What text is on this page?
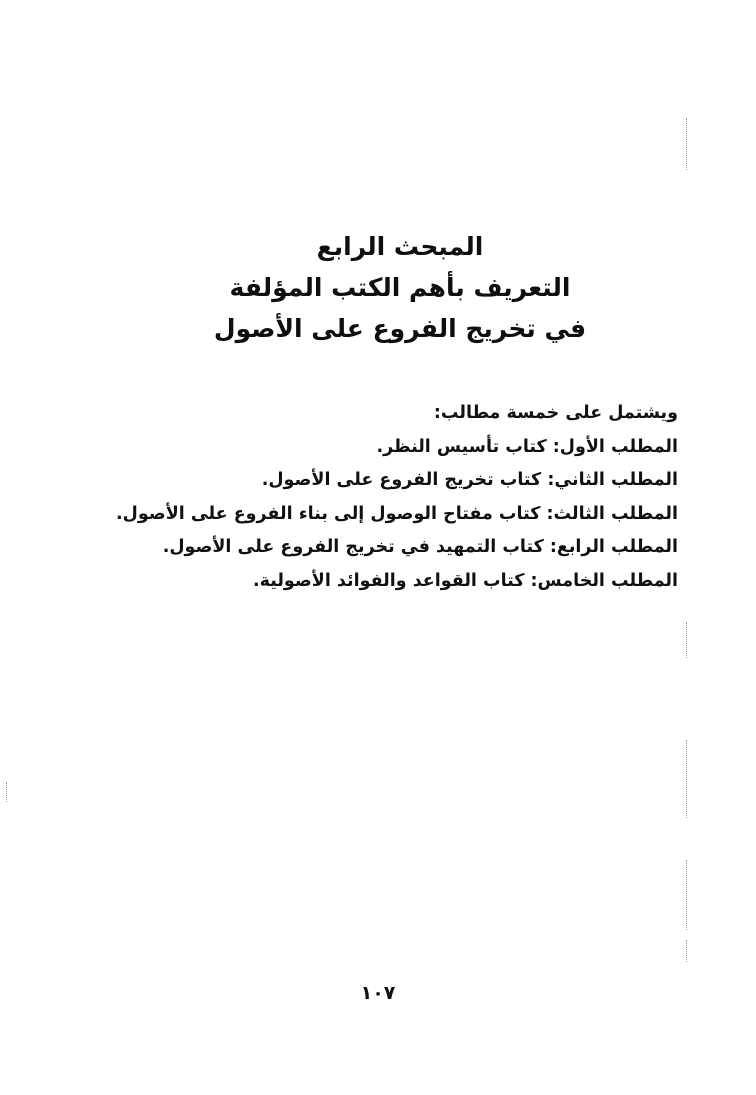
المبحث الرابع
التعريف بأهم الكتب المؤلفة
في تخريج الفروع على الأصول
ويشتمل على خمسة مطالب:
المطلب الأول: كتاب تأسيس النظر.
المطلب الثاني: كتاب تخريج الفروع على الأصول.
المطلب الثالث: كتاب مفتاح الوصول إلى بناء الفروع على الأصول.
المطلب الرابع: كتاب التمهيد في تخريج الفروع على الأصول.
المطلب الخامس: كتاب القواعد والفوائد الأصولية.
١٠٧
